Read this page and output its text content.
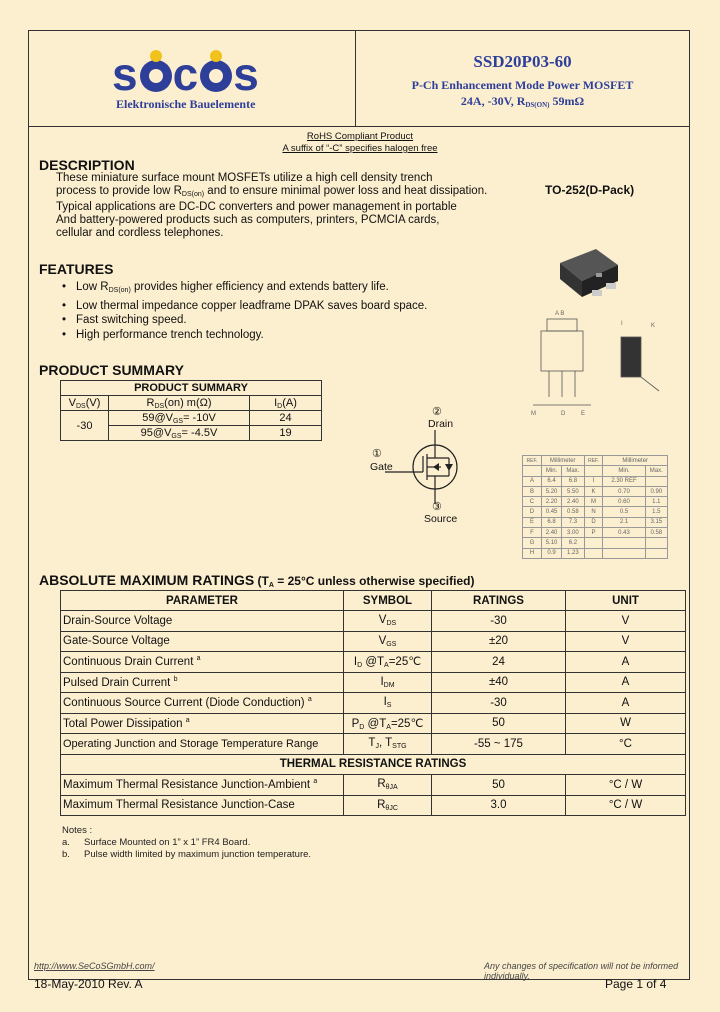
s c s
Elektronische Bauelemente
SSD20P03-60
P-Ch Enhancement Mode Power MOSFET
24A, -30V, $R_{DS(ON)}$ 59mΩ
RoHS Compliant Product
A suffix of “-C” specifies halogen free
DESCRIPTION
These miniature surface mount MOSFETs utilize a high cell density trench
process to provide low $R_{DS(on)}$ and to ensure minimal power loss and heat dissipation.
Typical applications are DC-DC converters and power management in portable
And battery-powered products such as computers, printers, PCMCIA cards,
cellular and cordless telephones.
TO-252(D-Pack)
A B
I	K
M	D	E
REF.	Millimeter		REF.	Millimeter	
	Min.	Max.		Min.	Max.
A	6.4	6.8	I	2.30 REF	
B	5.20	5.50	K	0.70	0.90
C	2.20	2.40	M	0.60	1.1
D	0.45	0.58	N	0.5	1.5
E	6.8	7.3	D	2.1	3.15
F	2.40	3.00	P	0.43	0.58
G	5.10	6.2			
H	0.9	1.23			
FEATURES
• Low $R_{DS(on)}$ provides higher efficiency and extends battery life.
• Low thermal impedance copper leadframe DPAK saves board space.
• Fast switching speed.
• High performance trench technology.
PRODUCT SUMMARY
PRODUCT SUMMARY		
$V_{DS}(V)$	$R_{DS}(on)$ m(Ω)	$I_D(A)$
-30	$59@V_{GS}= -10V$	24
	$95@V_{GS}= -4.5V$	19
②
Drain
①
Gate
③
Source
ABSOLUTE MAXIMUM RATINGS ($T_A = 25^\circ C$ unless otherwise specified)
PARAMETER	SYMBOL	RATINGS	UNIT
Drain-Source Voltage	$V_{DS}$	-30	V
Gate-Source Voltage	$V_{GS}$	±20	V
Continuous Drain Current $^a$	$I_D$ $@T_A=25℃$	24	A
Pulsed Drain Current $^b$	$I_{DM}$	±40	A
Continuous Source Current (Diode Conduction) $^a$	$I_S$	-30	A
Total Power Dissipation $^a$	$P_D$ $@T_A=25℃$	50	W
Operating Junction and Storage Temperature Range	$T_J$, $T_{STG}$	-55 ~ 175	°C
THERMAL RESISTANCE RATINGS			
Maximum Thermal Resistance Junction-Ambient $^a$	$R_{\theta JA}$	50	°C / W
Maximum Thermal Resistance Junction-Case	$R_{\theta JC}$	3.0	°C / W
Notes :
a. Surface Mounted on 1” x 1” FR4 Board.
b. Pulse width limited by maximum junction temperature.
http://www.SeCoSGmbH.com/	Any changes of specification will not be informed individually.
18-May-2010 Rev. A	Page 1 of 4
